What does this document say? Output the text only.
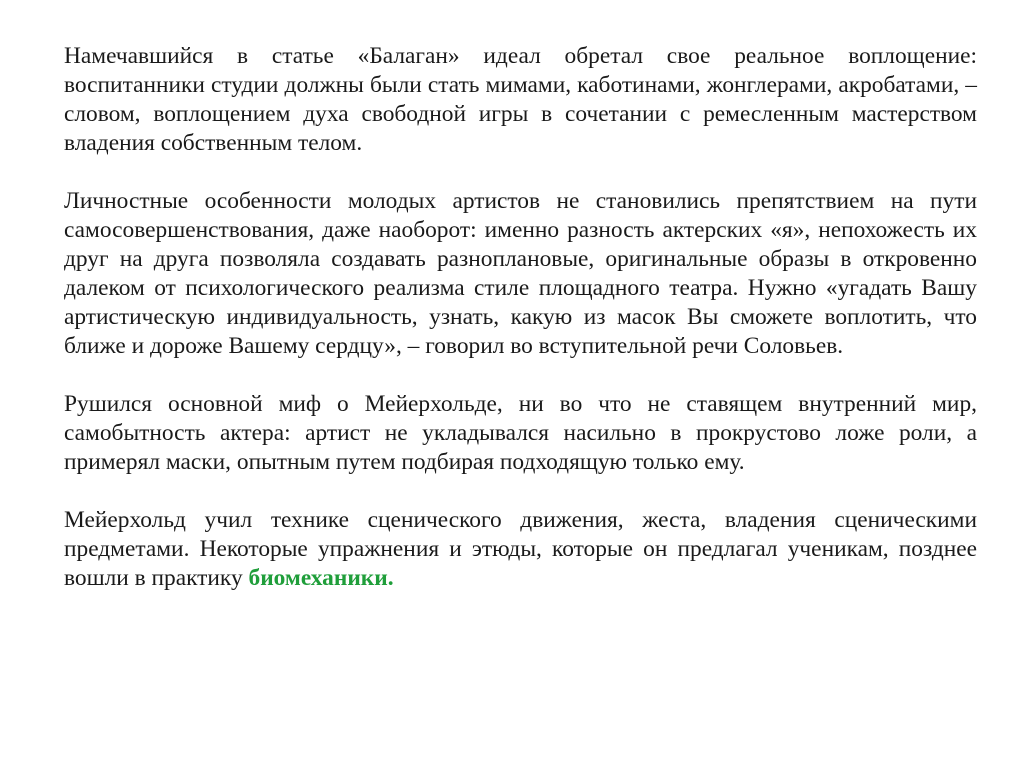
Намечавшийся в статье «Балаган» идеал обретал свое реальное воплощение: воспитанники студии должны были стать мимами, каботинами, жонглерами, акробатами, – словом, воплощением духа свободной игры в сочетании с ремесленным мастерством владения собственным телом.

Личностные особенности молодых артистов не становились препятствием на пути самосовершенствования, даже наоборот: именно разность актерских «я», непохожесть их друг на друга позволяла создавать разноплановые, оригинальные образы в откровенно далеком от психологического реализма стиле площадного театра. Нужно «угадать Вашу артистическую индивидуальность, узнать, какую из масок Вы сможете воплотить, что ближе и дороже Вашему сердцу», – говорил во вступительной речи Соловьев.

Рушился основной миф о Мейерхольде, ни во что не ставящем внутренний мир, самобытность актера: артист не укладывался насильно в прокрустово ложе роли, а примерял маски, опытным путем подбирая подходящую только ему.

Мейерхольд учил технике сценического движения, жеста, владения сценическими предметами. Некоторые упражнения и этюды, которые он предлагал ученикам, позднее вошли в практику биомеханики.
